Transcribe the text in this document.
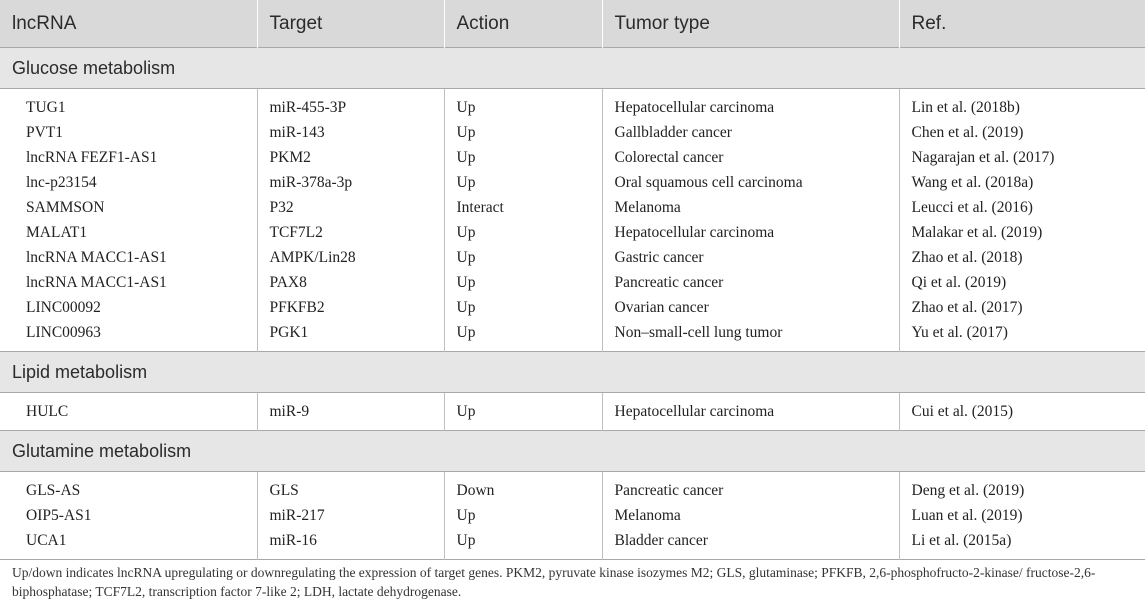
lncRNA	Target	Action	Tumor type	Ref.
Glucose metabolism				
TUG1	miR-455-3P	Up	Hepatocellular carcinoma	Lin et al. (2018b)
PVT1	miR-143	Up	Gallbladder cancer	Chen et al. (2019)
lncRNA FEZF1-AS1	PKM2	Up	Colorectal cancer	Nagarajan et al. (2017)
lnc-p23154	miR-378a-3p	Up	Oral squamous cell carcinoma	Wang et al. (2018a)
SAMMSON	P32	Interact	Melanoma	Leucci et al. (2016)
MALAT1	TCF7L2	Up	Hepatocellular carcinoma	Malakar et al. (2019)
lncRNA MACC1-AS1	AMPK/Lin28	Up	Gastric cancer	Zhao et al. (2018)
lncRNA MACC1-AS1	PAX8	Up	Pancreatic cancer	Qi et al. (2019)
LINC00092	PFKFB2	Up	Ovarian cancer	Zhao et al. (2017)
LINC00963	PGK1	Up	Non–small-cell lung tumor	Yu et al. (2017)
Lipid metabolism				
HULC	miR-9	Up	Hepatocellular carcinoma	Cui et al. (2015)
Glutamine metabolism				
GLS-AS	GLS	Down	Pancreatic cancer	Deng et al. (2019)
OIP5-AS1	miR-217	Up	Melanoma	Luan et al. (2019)
UCA1	miR-16	Up	Bladder cancer	Li et al. (2015a)
Up/down indicates lncRNA upregulating or downregulating the expression of target genes. PKM2, pyruvate kinase isozymes M2; GLS, glutaminase; PFKFB, 2,6-phosphofructo-2-kinase/ fructose-2,6-biphosphatase; TCF7L2, transcription factor 7-like 2; LDH, lactate dehydrogenase.
